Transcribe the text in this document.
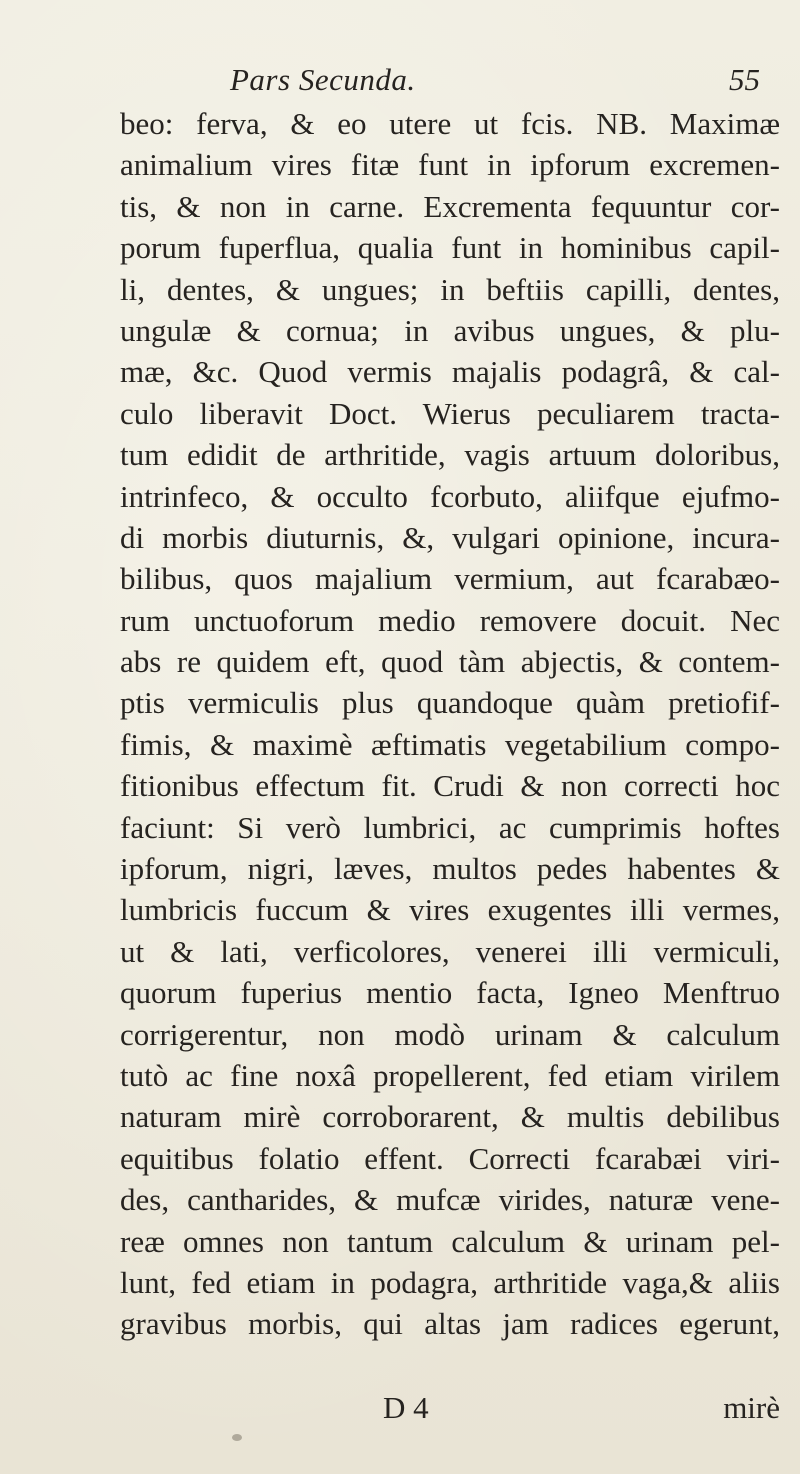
Pars Secunda.	55
beo: ferva, & eo utere ut fcis. NB. Maximæ
animalium vires fitæ funt in ipforum excremen-
tis, & non in carne. Excrementa fequuntur cor-
porum fuperflua, qualia funt in hominibus capil-
li, dentes, & ungues; in beftiis capilli, dentes,
ungulæ & cornua; in avibus ungues, & plu-
mæ, &c. Quod vermis majalis podagrâ, & cal-
culo liberavit Doct. Wierus peculiarem tracta-
tum edidit de arthritide, vagis artuum doloribus,
intrinfeco, & occulto fcorbuto, aliifque ejufmo-
di morbis diuturnis, &, vulgari opinione, incura-
bilibus, quos majalium vermium, aut fcarabæo-
rum unctuoforum medio removere docuit. Nec
abs re quidem eft, quod tàm abjectis, & contem-
ptis vermiculis plus quandoque quàm pretiofif-
fimis, & maximè æftimatis vegetabilium compo-
fitionibus effectum fit. Crudi & non correcti hoc
faciunt: Si verò lumbrici, ac cumprimis hoftes
ipforum, nigri, læves, multos pedes habentes &
lumbricis fuccum & vires exugentes illi vermes,
ut & lati, verficolores, venerei illi vermiculi,
quorum fuperius mentio facta, Igneo Menftruo
corrigerentur, non modò urinam & calculum
tutò ac fine noxâ propellerent, fed etiam virilem
naturam mirè corroborarent, & multis debilibus
equitibus folatio effent. Correcti fcarabæi viri-
des, cantharides, & mufcæ virides, naturæ vene-
reæ omnes non tantum calculum & urinam pel-
lunt, fed etiam in podagra, arthritide vaga,& aliis
gravibus morbis, qui altas jam radices egerunt,
D 4	mirè
